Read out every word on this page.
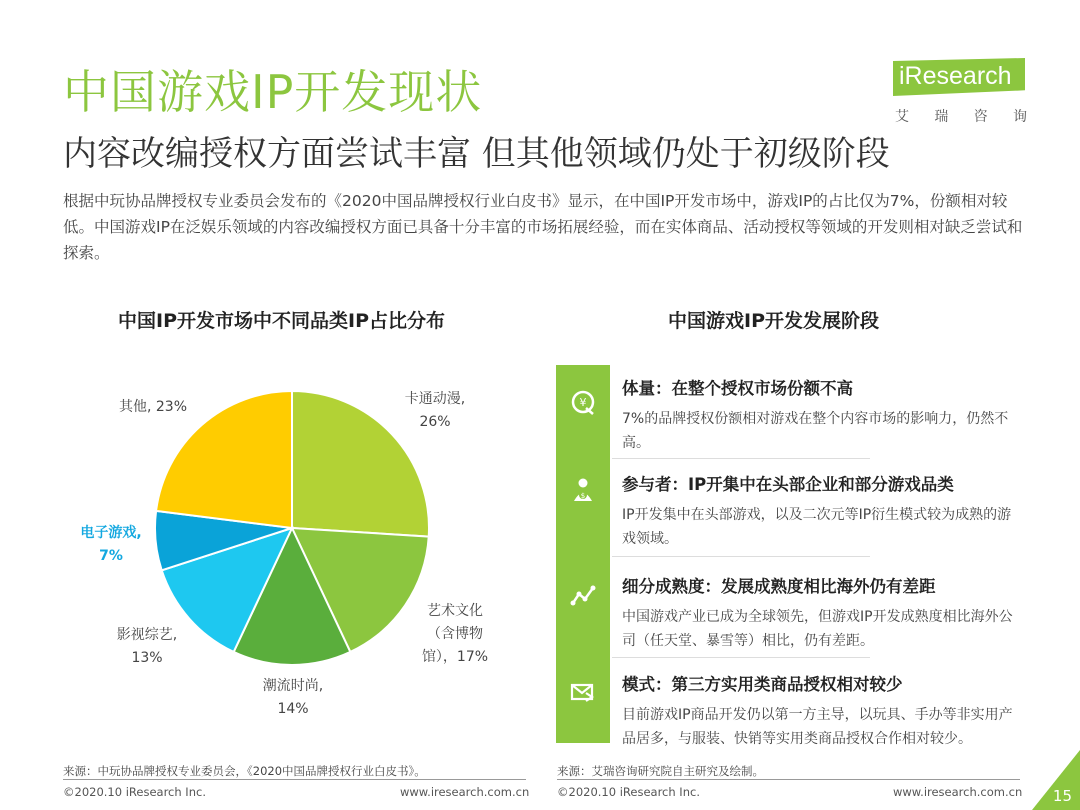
中国游戏IP开发现状
内容改编授权方面尝试丰富 但其他领域仍处于初级阶段
根据中玩协品牌授权专业委员会发布的《2020中国品牌授权行业白皮书》显示，在中国IP开发市场中，游戏IP的占比仅为7%，份额相对较低。中国游戏IP在泛娱乐领域的内容改编授权方面已具备十分丰富的市场拓展经验，而在实体商品、活动授权等领域的开发则相对缺乏尝试和探索。
iResearch
艾 瑞 咨 询
中国IP开发市场中不同品类IP占比分布
卡通动漫,
26%
艺术文化
（含博物
馆），17%
潮流时尚,
14%
影视综艺,
13%
电子游戏,
7%
其他, 23%
中国游戏IP开发发展阶段
¥
$
体量：在整个授权市场份额不高
7%的品牌授权份额相对游戏在整个内容市场的影响力，仍然不高。
参与者：IP开集中在头部企业和部分游戏品类
IP开发集中在头部游戏，以及二次元等IP衍生模式较为成熟的游戏领域。
细分成熟度：发展成熟度相比海外仍有差距
中国游戏产业已成为全球领先，但游戏IP开发成熟度相比海外公司（任天堂、暴雪等）相比，仍有差距。
模式：第三方实用类商品授权相对较少
目前游戏IP商品开发仍以第一方主导，以玩具、手办等非实用产品居多，与服装、快销等实用类商品授权合作相对较少。
来源：中玩协品牌授权专业委员会，《2020中国品牌授权行业白皮书》。	来源：艾瑞咨询研究院自主研究及绘制。
©2020.10 iResearch Inc.	www.iresearch.com.cn ©2020.10 iResearch Inc.	www.iresearch.com.cn 15
